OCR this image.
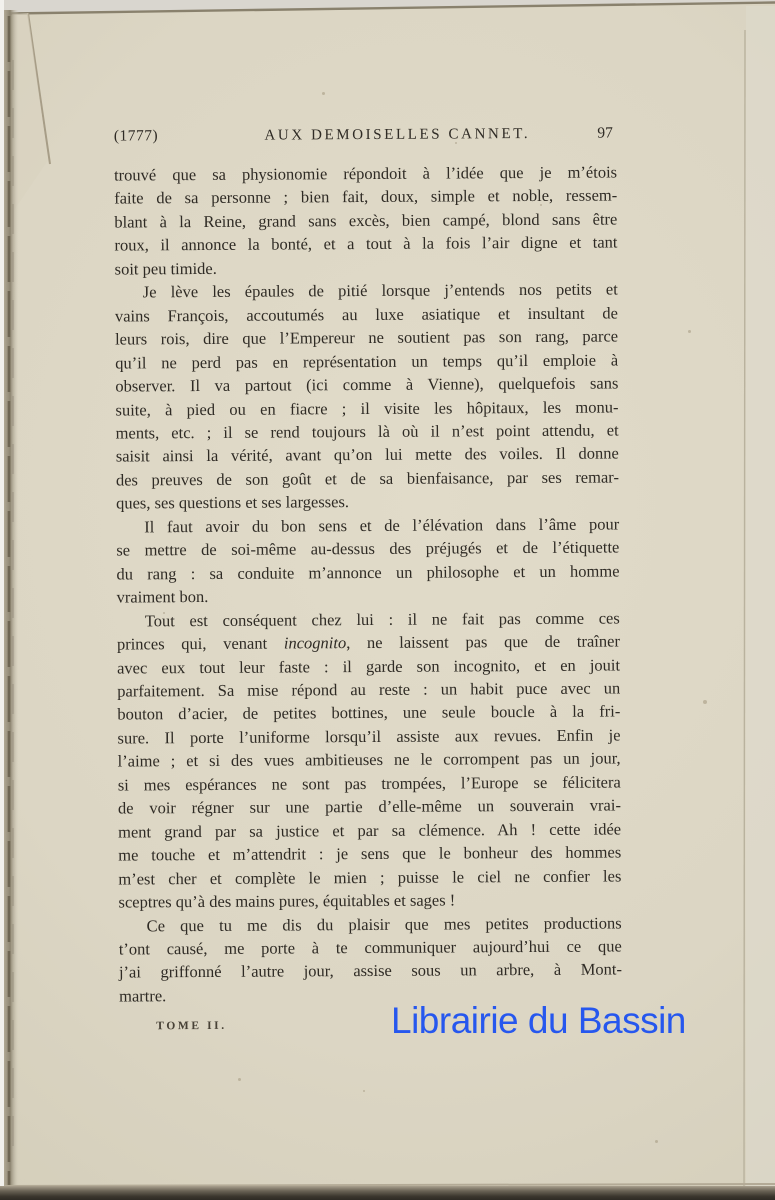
(1777)	AUX DEMOISELLES CANNET.	97
trouvé que sa physionomie répondoit à l’idée que je m’étois
faite de sa personne ; bien fait, doux, simple et noble, ressem-
blant à la Reine, grand sans excès, bien campé, blond sans être
roux, il annonce la bonté, et a tout à la fois l’air digne et tant
soit peu timide.
Je lève les épaules de pitié lorsque j’entends nos petits et
vains François, accoutumés au luxe asiatique et insultant de
leurs rois, dire que l’Empereur ne soutient pas son rang, parce
qu’il ne perd pas en représentation un temps qu’il emploie à
observer. Il va partout (ici comme à Vienne), quelquefois sans
suite, à pied ou en fiacre ; il visite les hôpitaux, les monu-
ments, etc. ; il se rend toujours là où il n’est point attendu, et
saisit ainsi la vérité, avant qu’on lui mette des voiles. Il donne
des preuves de son goût et de sa bienfaisance, par ses remar-
ques, ses questions et ses largesses.
Il faut avoir du bon sens et de l’élévation dans l’âme pour
se mettre de soi-même au-dessus des préjugés et de l’étiquette
du rang : sa conduite m’annonce un philosophe et un homme
vraiment bon.
Tout est conséquent chez lui : il ne fait pas comme ces
princes qui, venant incognito, ne laissent pas que de traîner
avec eux tout leur faste : il garde son incognito, et en jouit
parfaitement. Sa mise répond au reste : un habit puce avec un
bouton d’acier, de petites bottines, une seule boucle à la fri-
sure. Il porte l’uniforme lorsqu’il assiste aux revues. Enfin je
l’aime ; et si des vues ambitieuses ne le corrompent pas un jour,
si mes espérances ne sont pas trompées, l’Europe se félicitera
de voir régner sur une partie d’elle-même un souverain vrai-
ment grand par sa justice et par sa clémence. Ah ! cette idée
me touche et m’attendrit : je sens que le bonheur des hommes
m’est cher et complète le mien ; puisse le ciel ne confier les
sceptres qu’à des mains pures, équitables et sages !
Ce que tu me dis du plaisir que mes petites productions
t’ont causé, me porte à te communiquer aujourd’hui ce que
j’ai griffonné l’autre jour, assise sous un arbre, à Mont-
martre.
TOME II.	Librairie du Bassin
